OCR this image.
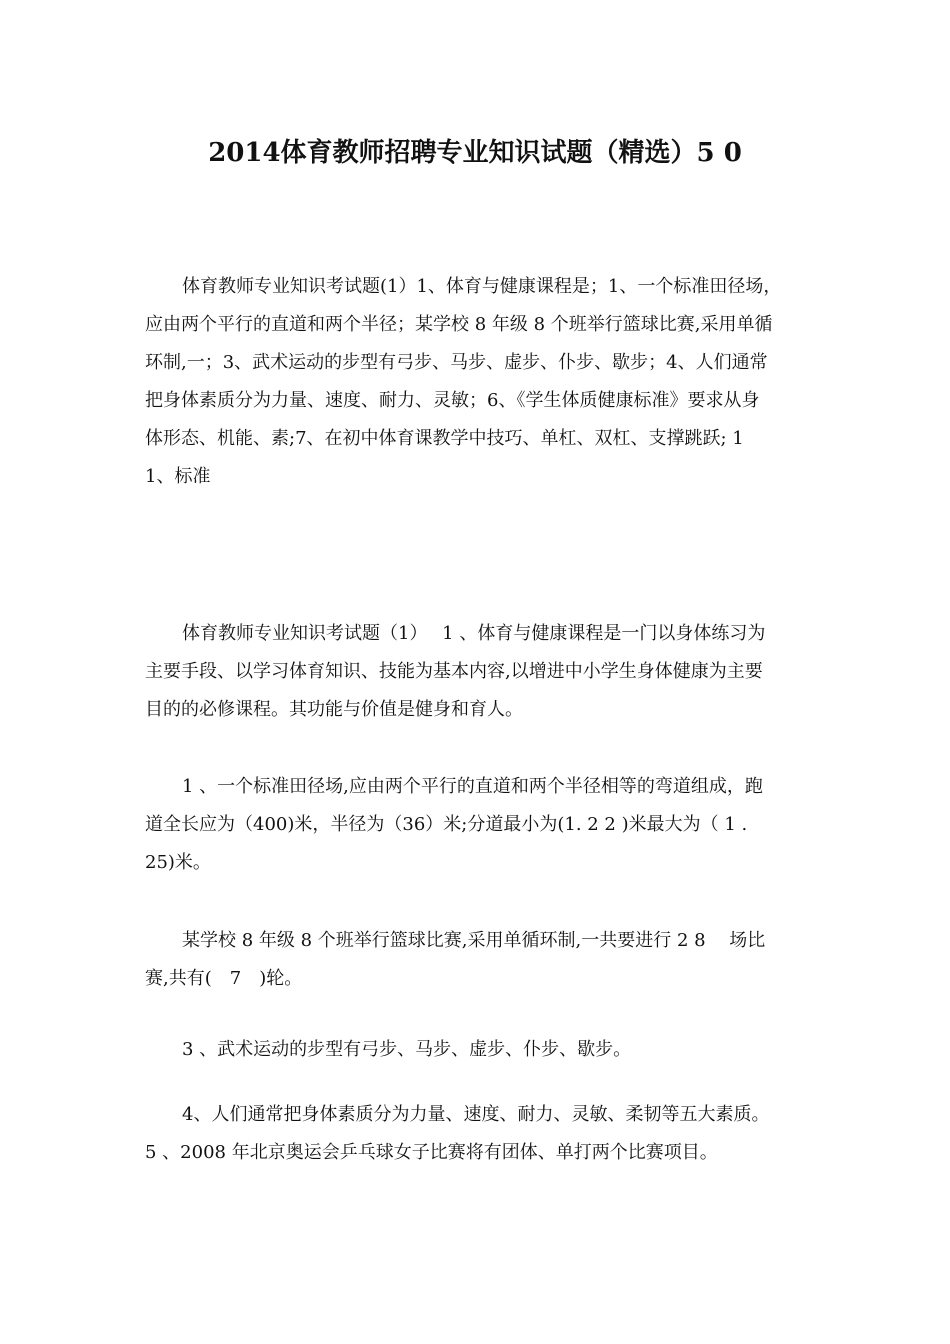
2014体育教师招聘专业知识试题（精选）5 0
体育教师专业知识考试题(1）1、体育与健康课程是；1、一个标准田径场，
应由两个平行的直道和两个半径；某学校 8 年级 8 个班举行篮球比赛,采用单循
环制,一；3、武术运动的步型有弓步、马步、虚步、仆步、歇步；4、人们通常
把身体素质分为力量、速度、耐力、灵敏；6、《学生体质健康标准》要求从身
体形态、机能、素;7、在初中体育课教学中技巧、单杠、双杠、支撑跳跃; 1
1、标准
体育教师专业知识考试题（1）　 1 、体育与健康课程是一门以身体练习为
主要手段、以学习体育知识、技能为基本内容,以增进中小学生身体健康为主要
目的的必修课程。其功能与价值是健身和育人。
1 、一个标准田径场,应由两个平行的直道和两个半径相等的弯道组成，跑
道全长应为（400)米，半径为（36）米;分道最小为(1. 2 2 )米最大为（ 1 .
25)米。
某学校 8 年级 8 个班举行篮球比赛,采用单循环制,一共要进行 2 8 　场比
赛,共有(　7　)轮。
3 、武术运动的步型有弓步、马步、虚步、仆步、歇步。
4、人们通常把身体素质分为力量、速度、耐力、灵敏、柔韧等五大素质。
5 、2008 年北京奥运会乒乓球女子比赛将有团体、单打两个比赛项目。
